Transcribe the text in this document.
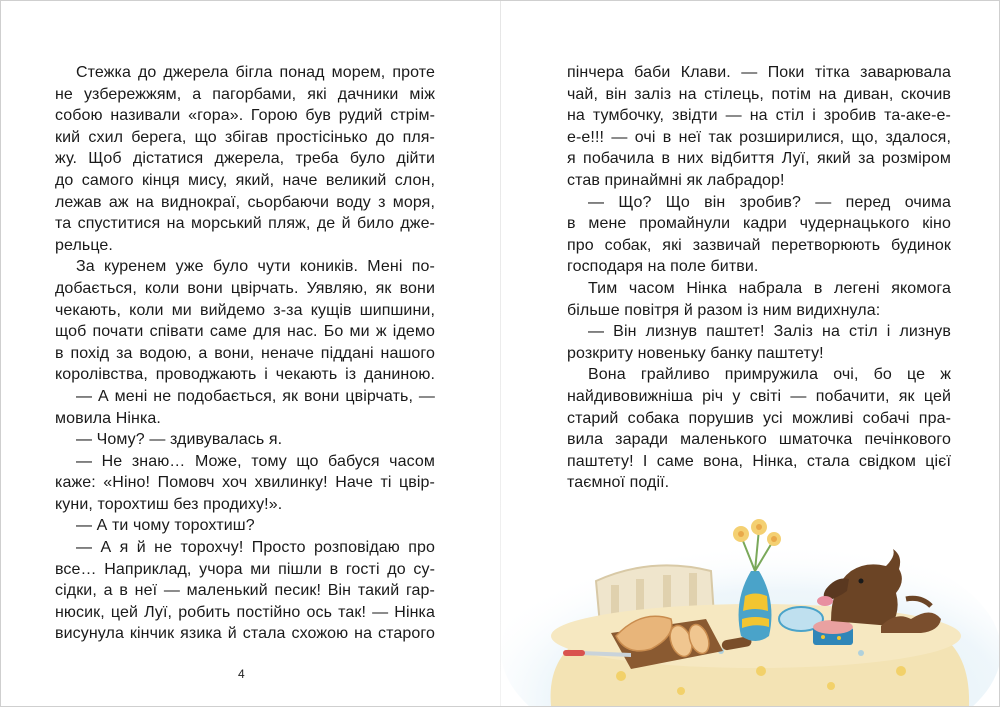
Стежка до джерела бігла понад морем, проте
не узбережжям, а пагорбами, які дачники між
собою називали «гора». Горою був рудий стрім-
кий схил берега, що збігав простісінько до пля-
жу. Щоб дістатися джерела, треба було дійти
до самого кінця мису, який, наче великий слон,
лежав аж на виднокраї, сьорбаючи воду з моря,
та спуститися на морський пляж, де й било дже-
рельце.
За куренем уже було чути коників. Мені по-
добається, коли вони цвірчать. Уявляю, як вони
чекають, коли ми вийдемо з-за кущів шипшини,
щоб почати співати саме для нас. Бо ми ж ідемо
в похід за водою, а вони, неначе піддані нашого
королівства, проводжають і чекають із даниною.
— А мені не подобається, як вони цвірчать, —
мовила Нінка.
— Чому? — здивувалась я.
— Не знаю… Може, тому що бабуся часом
каже: «Ніно! Помовч хоч хвилинку! Наче ті цвір-
куни, торохтиш без продиху!».
— А ти чому торохтиш?
— А я й не торохчу! Просто розповідаю про
все… Наприклад, учора ми пішли в гості до су-
сідки, а в неї — маленький песик! Він такий гар-
нюсик, цей Луї, робить постійно ось так! — Нінка
висунула кінчик язика й стала схожою на старого
4
пінчера баби Клави. — Поки тітка заварювала
чай, він заліз на стілець, потім на диван, скочив
на тумбочку, звідти — на стіл і зробив та-аке-е-
е-е!!! — очі в неї так розширилися, що, здалося,
я побачила в них відбиття Луї, який за розміром
став принаймні як лабрадор!
— Що? Що він зробив? — перед очима
в мене промайнули кадри чудернацького кіно
про собак, які зазвичай перетворюють будинок
господаря на поле битви.
Тим часом Нінка набрала в легені якомога
більше повітря й разом із ним видихнула:
— Він лизнув паштет! Заліз на стіл і лизнув
розкриту новеньку банку паштету!
Вона грайливо примружила очі, бо це ж
найдивовижніша річ у світі — побачити, як цей
старий собака порушив усі можливі собачі пра-
вила заради маленького шматочка печінкового
паштету! І саме вона, Нінка, стала свідком цієї
таємної події.
